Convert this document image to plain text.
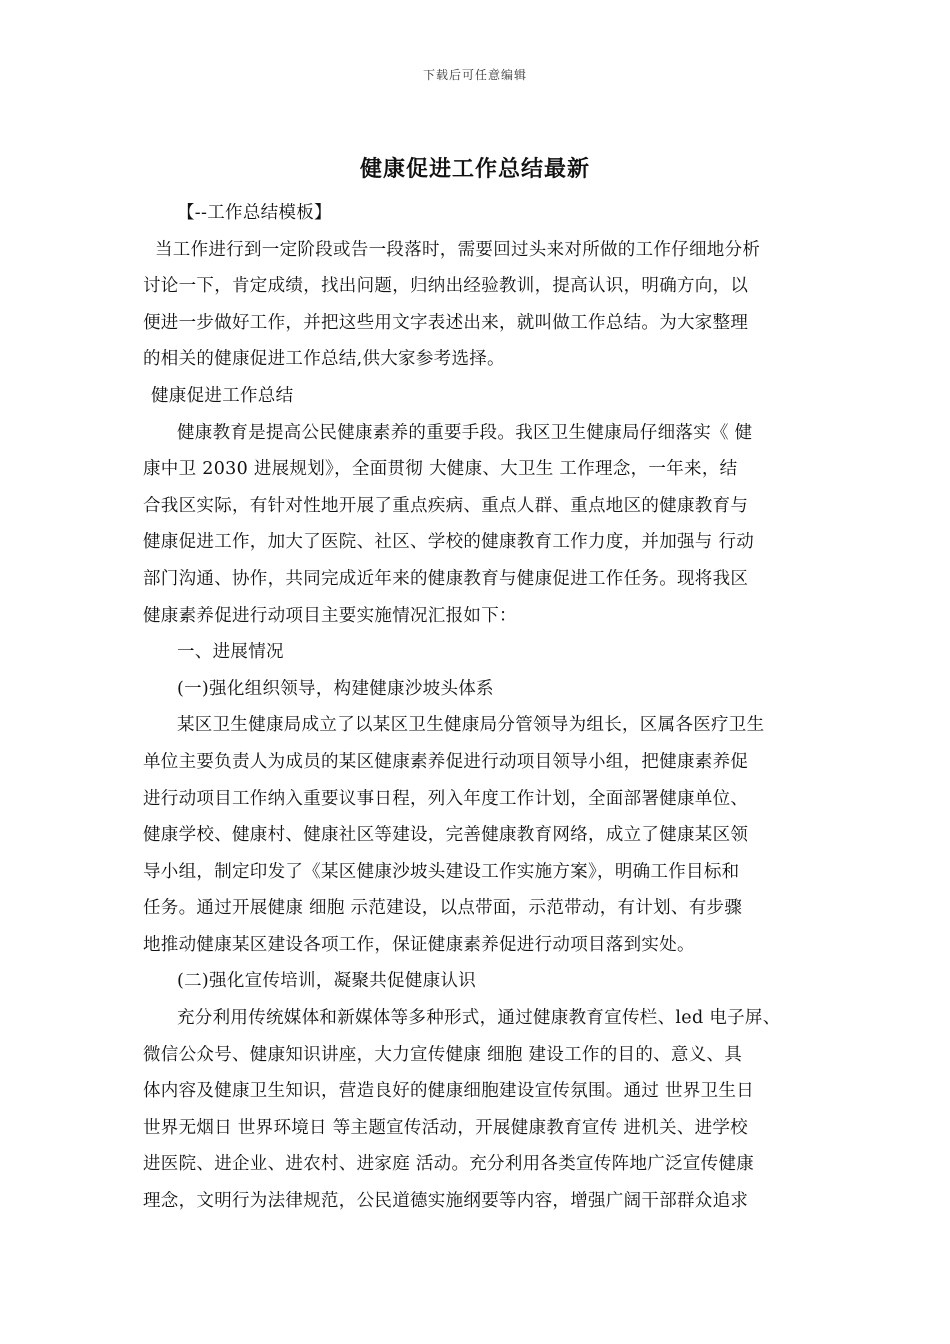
下载后可任意编辑
健康促进工作总结最新
【--工作总结模板】
当工作进行到一定阶段或告一段落时，需要回过头来对所做的工作仔细地分析
讨论一下，肯定成绩，找出问题，归纳出经验教训，提高认识，明确方向，以
便进一步做好工作，并把这些用文字表述出来，就叫做工作总结。为大家整理
的相关的健康促进工作总结,供大家参考选择。
健康促进工作总结
健康教育是提高公民健康素养的重要手段。我区卫生健康局仔细落实《 健
康中卫 2030 进展规划》，全面贯彻 大健康、大卫生 工作理念，一年来，结
合我区实际，有针对性地开展了重点疾病、重点人群、重点地区的健康教育与
健康促进工作，加大了医院、社区、学校的健康教育工作力度，并加强与 行动
部门沟通、协作，共同完成近年来的健康教育与健康促进工作任务。现将我区
健康素养促进行动项目主要实施情况汇报如下：
一、进展情况
(一)强化组织领导，构建健康沙坡头体系
某区卫生健康局成立了以某区卫生健康局分管领导为组长，区属各医疗卫生
单位主要负责人为成员的某区健康素养促进行动项目领导小组，把健康素养促
进行动项目工作纳入重要议事日程，列入年度工作计划，全面部署健康单位、
健康学校、健康村、健康社区等建设，完善健康教育网络，成立了健康某区领
导小组，制定印发了《某区健康沙坡头建设工作实施方案》，明确工作目标和
任务。通过开展健康 细胞 示范建设，以点带面，示范带动，有计划、有步骤
地推动健康某区建设各项工作，保证健康素养促进行动项目落到实处。
(二)强化宣传培训，凝聚共促健康认识
充分利用传统媒体和新媒体等多种形式，通过健康教育宣传栏、led 电子屏、
微信公众号、健康知识讲座，大力宣传健康 细胞 建设工作的目的、意义、具
体内容及健康卫生知识，营造良好的健康细胞建设宣传氛围。通过 世界卫生日
世界无烟日 世界环境日 等主题宣传活动，开展健康教育宣传 进机关、进学校
进医院、进企业、进农村、进家庭 活动。充分利用各类宣传阵地广泛宣传健康
理念，文明行为法律规范，公民道德实施纲要等内容，增强广阔干部群众追求
